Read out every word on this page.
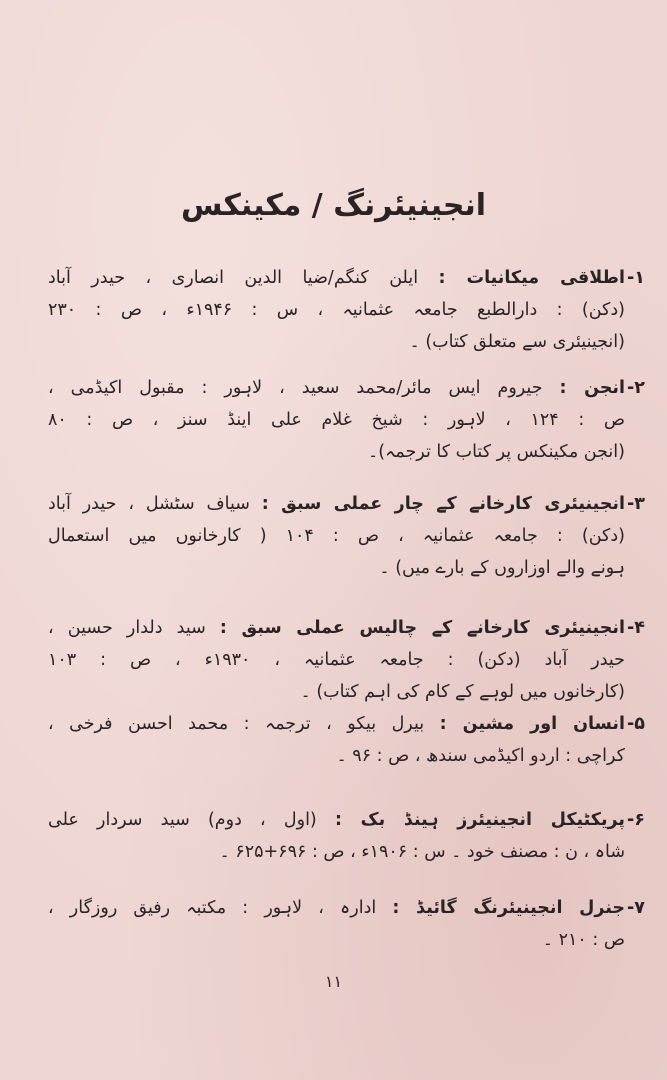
انجینیئرنگ / مکینکس
۱-
اطلاقی میکانیات : ایلن کنگم/ضیا الدین انصاری ، حیدر آباد
(دکن) : دارالطبع جامعہ عثمانیہ ، س : ۱۹۴۶ء ، ص : ۲۳۰
(انجینیئری سے متعلق کتاب) ۔
۲-
انجن : جیروم ایس مائر/محمد سعید ، لاہور : مقبول اکیڈمی ،
ص : ۱۲۴ ، لاہور : شیخ غلام علی اینڈ سنز ، ص : ۸۰
(انجن مکینکس پر کتاب کا ترجمہ)۔
۳-
انجینیئری کارخانے کے چار عملی سبق : سیاف سٹشل ، حیدر آباد
(دکن) : جامعہ عثمانیہ ، ص : ۱۰۴ ( کارخانوں میں استعمال
ہونے والے اوزاروں کے بارے میں) ۔
۴-
انجینیئری کارخانے کے چالیس عملی سبق : سید دلدار حسین ،
حیدر آباد (دکن) : جامعہ عثمانیہ ، ۱۹۳۰ء ، ص : ۱۰۳
(کارخانوں میں لوہے کے کام کی اہم کتاب) ۔
۵-
انسان اور مشین : بیرل بیکو ، ترجمہ : محمد احسن فرخی ،
کراچی : اردو اکیڈمی سندھ ، ص : ۹۶ ۔
۶-
پریکٹیکل انجینیئرز ہینڈ بک : (اول ، دوم) سید سردار علی
شاہ ، ن : مصنف خود ۔ س : ۱۹۰۶ء ، ص : ۶۹۶+۶۲۵ ۔
۷-
جنرل انجینیئرنگ گائیڈ : ادارہ ، لاہور : مکتبہ رفیق روزگار ،
ص : ۲۱۰ ۔
۱۱
